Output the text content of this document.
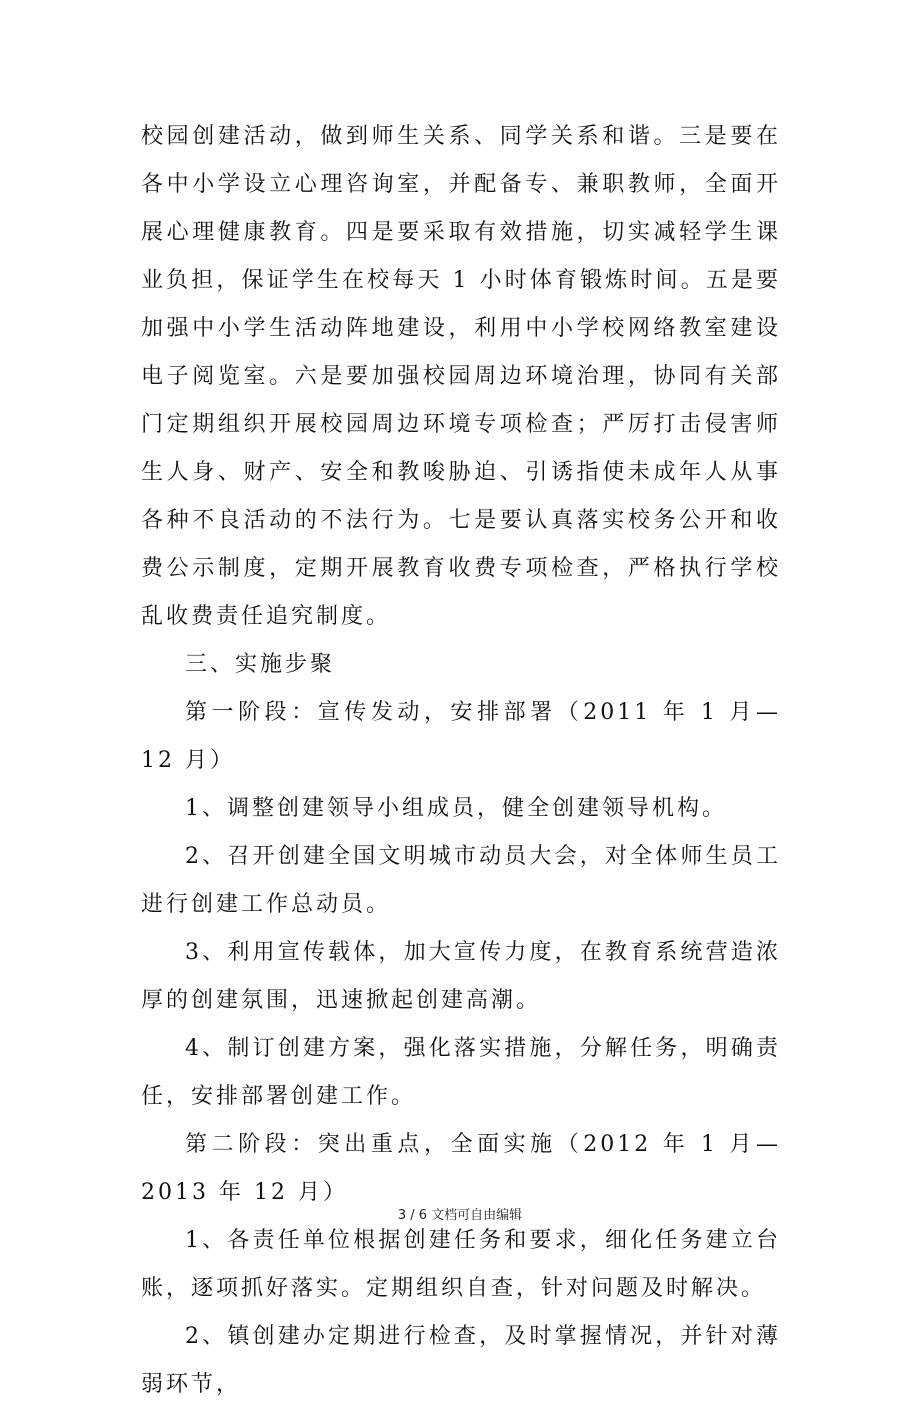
校园创建活动，做到师生关系、同学关系和谐。三是要在各中小学设立心理咨询室，并配备专、兼职教师，全面开展心理健康教育。四是要采取有效措施，切实减轻学生课业负担，保证学生在校每天 1 小时体育锻炼时间。五是要加强中小学生活动阵地建设，利用中小学校网络教室建设电子阅览室。六是要加强校园周边环境治理，协同有关部门定期组织开展校园周边环境专项检查；严厉打击侵害师生人身、财产、安全和教唆胁迫、引诱指使未成年人从事各种不良活动的不法行为。七是要认真落实校务公开和收费公示制度，定期开展教育收费专项检查，严格执行学校乱收费责任追究制度。

三、实施步聚

第一阶段：宣传发动，安排部署（2011 年 1 月—12 月）

1、调整创建领导小组成员，健全创建领导机构。

2、召开创建全国文明城市动员大会，对全体师生员工进行创建工作总动员。

3、利用宣传载体，加大宣传力度，在教育系统营造浓厚的创建氛围，迅速掀起创建高潮。

4、制订创建方案，强化落实措施，分解任务，明确责任，安排部署创建工作。

第二阶段：突出重点，全面实施（2012 年 1 月—2013 年 12 月）

1、各责任单位根据创建任务和要求，细化任务建立台账，逐项抓好落实。定期组织自查，针对问题及时解决。

2、镇创建办定期进行检查，及时掌握情况，并针对薄弱环节，

3 / 6 文档可自由编辑
